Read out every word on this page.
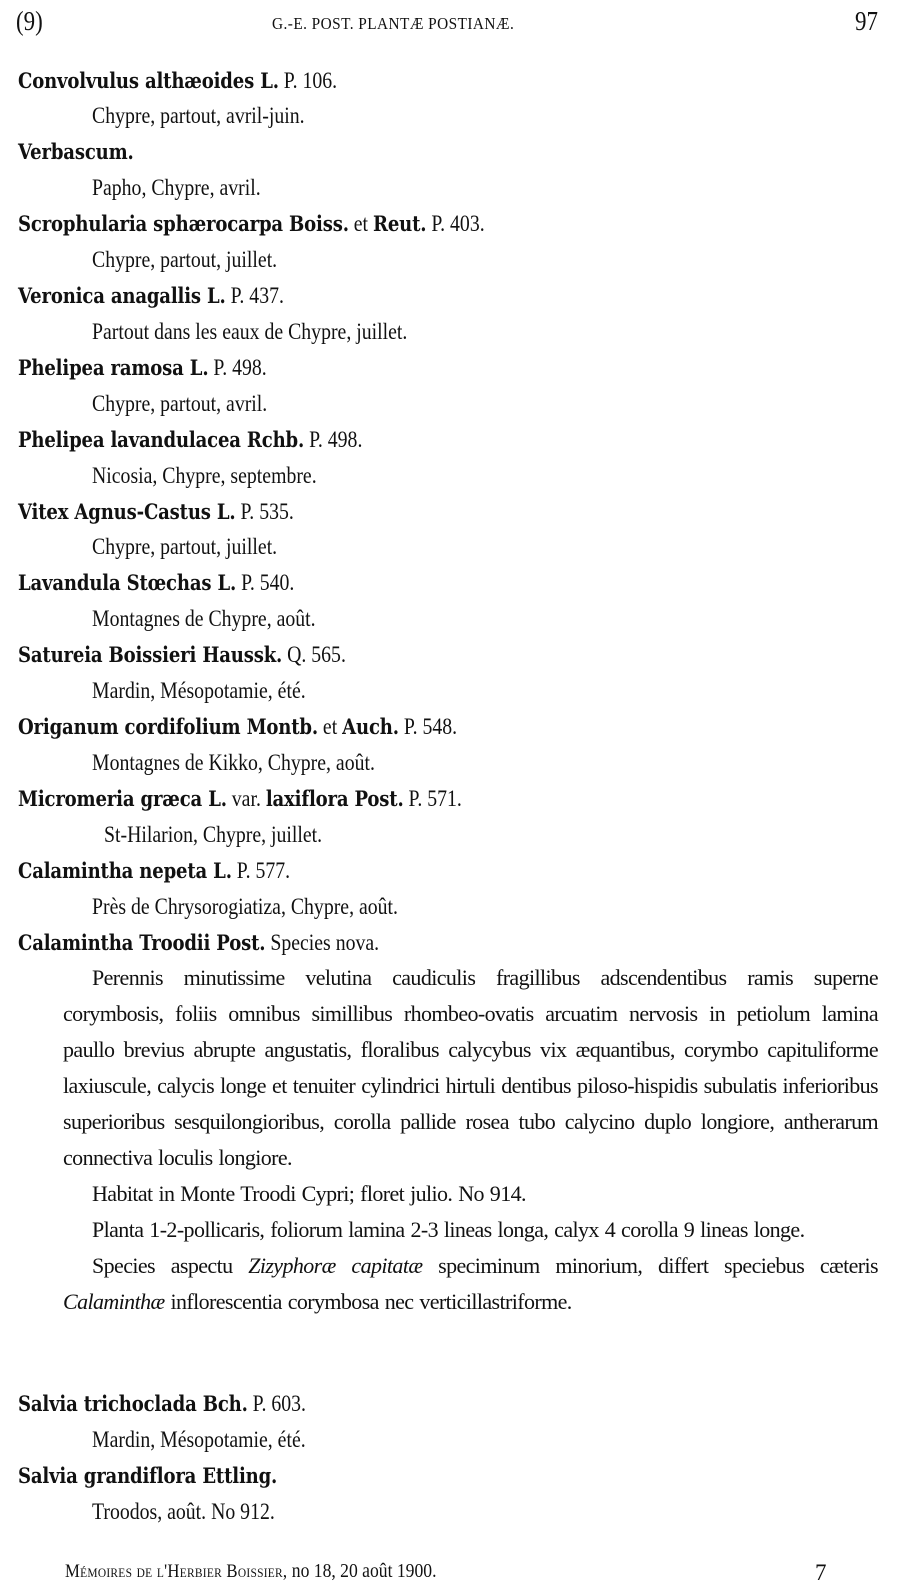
(9)	G.-E. POST. PLANTÆ POSTIANÆ.	97
Convolvulus althæoides L. P. 106.
Chypre, partout, avril-juin.
Verbascum.
Papho, Chypre, avril.
Scrophularia sphærocarpa Boiss. et Reut. P. 403.
Chypre, partout, juillet.
Veronica anagallis L. P. 437.
Partout dans les eaux de Chypre, juillet.
Phelipea ramosa L. P. 498.
Chypre, partout, avril.
Phelipea lavandulacea Rchb. P. 498.
Nicosia, Chypre, septembre.
Vitex Agnus-Castus L. P. 535.
Chypre, partout, juillet.
Lavandula Stœchas L. P. 540.
Montagnes de Chypre, août.
Satureia Boissieri Haussk. Q. 565.
Mardin, Mésopotamie, été.
Origanum cordifolium Montb. et Auch. P. 548.
Montagnes de Kikko, Chypre, août.
Micromeria græca L. var. laxiflora Post. P. 571.
St-Hilarion, Chypre, juillet.
Calamintha nepeta L. P. 577.
Près de Chrysorogiatiza, Chypre, août.
Calamintha Troodii Post. Species nova.
Perennis minutissime velutina caudiculis fragillibus adscendentibus ramis superne corymbosis, foliis omnibus simillibus rhombeo-ovatis arcuatim nervosis in petiolum lamina paullo brevius abrupte angustatis, floralibus calycybus vix æquantibus, corymbo capituliforme laxiuscule, calycis longe et tenuiter cylindrici hirtuli dentibus piloso-hispidis subulatis inferioribus superioribus sesquilongioribus, corolla pallide rosea tubo calycino duplo longiore, antherarum connectiva loculis longiore.
Habitat in Monte Troodi Cypri; floret julio. No 914.
Planta 1-2-pollicaris, foliorum lamina 2-3 lineas longa, calyx 4 corolla 9 lineas longe.
Species aspectu Zizyphoræ capitatæ speciminum minorium, differt speciebus cæteris Calaminthæ inflorescentia corymbosa nec verticillastriforme.
Salvia trichoclada Bch. P. 603.
Mardin, Mésopotamie, été.
Salvia grandiflora Ettling.
Troodos, août. No 912.
Mémoires de l'Herbier Boissier, no 18, 20 août 1900.	7
